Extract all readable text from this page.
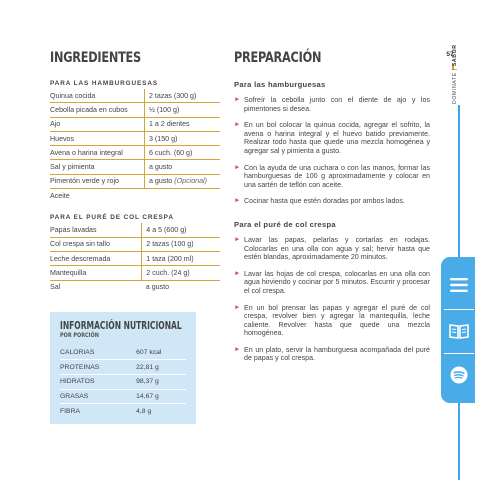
INGREDIENTES
PARA LAS HAMBURGUESAS
Quinua cocida	2 tazas (300 g)
Cebolla picada en cubos	½ (100 g)
Ajo	1 a 2 dientes
Huevos	3 (150 g)
Avena o harina integral	6 cuch. (60 g)
Sal y pimienta	a gusto
Pimentón verde y rojo	a gusto (Opcional)
Aceite	
PARA EL PURÉ DE COL CRESPA
Papas lavadas	4 a 5 (600 g)
Col crespa sin tallo	2 tazas (100 g)
Leche descremada	1 taza (200 ml)
Mantequilla	2 cuch. (24 g)
Sal	a gusto
INFORMACIÓN NUTRICIONAL
POR PORCIÓN
CALORIAS	607 kcal
PROTEINAS	22,81 g
HIDRATOS	98,37 g
GRASAS	14,67 g
FIBRA	4,8 g
PREPARACIÓN
Para las hamburguesas
► Sofreír la cebolla junto con el diente de ajo y los pimentones si desea.
► En un bol colocar la quinua cocida, agregar el sofrito, la avena o harina integral y el huevo batido previamente. Realizar todo hasta que quede una mezcla homogénea y agregar sal y pimienta a gusto.
► Con la ayuda de una cuchara o con las manos, formar las hamburguesas de 100 g aproximadamente y colocar en una sartén de teflón con aceite.
► Cocinar hasta que estén doradas por ambos lados.
Para el puré de col crespa
► Lavar las papas, pelarlas y cortarlas en rodajas. Colocarlas en una olla con agua y sal; hervir hasta que estén blandas, aproximadamente 20 minutos.
► Lavar las hojas de col crespa, colocarlas en una olla con agua hirviendo y cocinar por 5 minutos. Escurrir y procesar el col crespa.
► En un bol prensar las papas y agregar el puré de col crespa, revolver bien y agregar la mantequilla, leche caliente. Revolver hasta que quede una mezcla homogénea.
► En un plato, servir la hamburguesa acompañada del puré de papas y col crespa.
57
DOMINATE | SABOR
